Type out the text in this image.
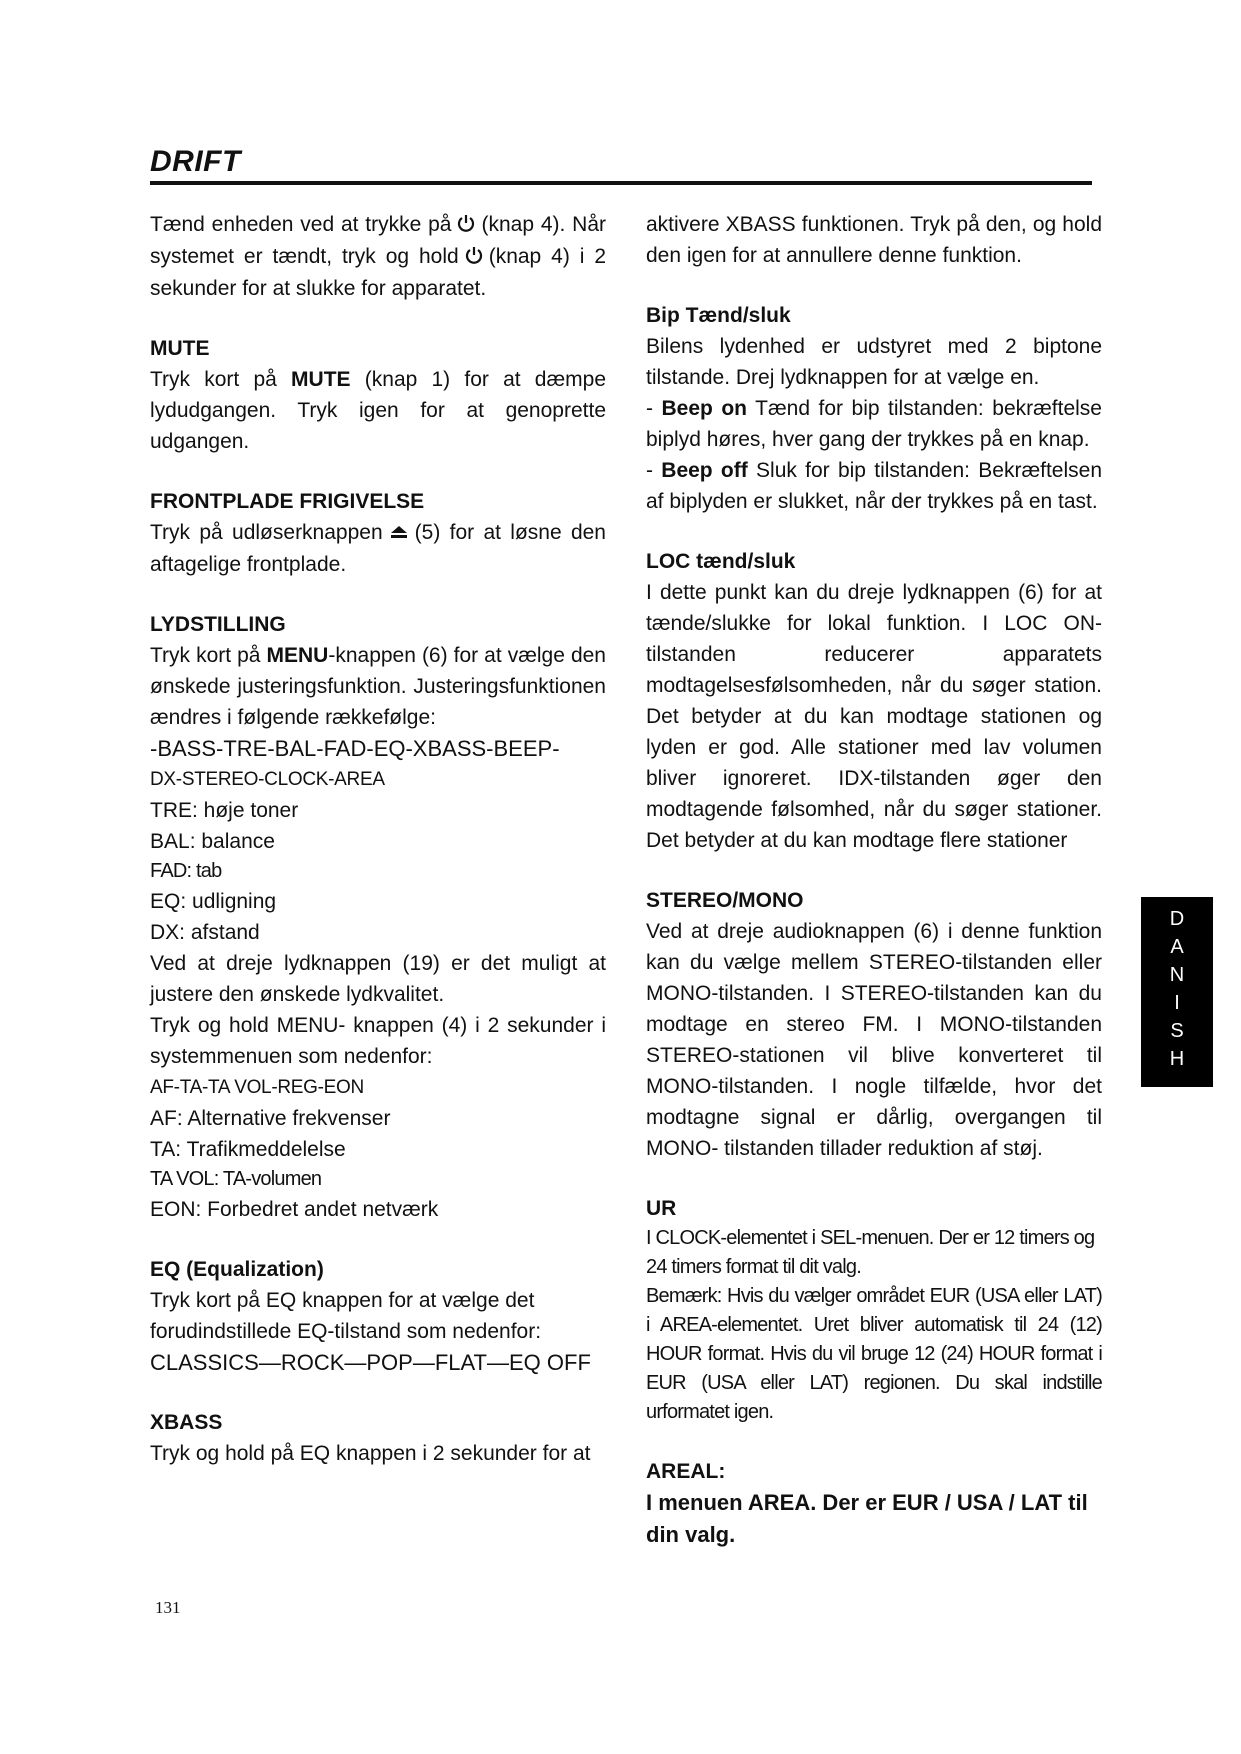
DRIFT

Tænd enheden ved at trykke på (knap 4). Når systemet er tændt, tryk og hold (knap 4) i 2 sekunder for at slukke for apparatet.

MUTE
Tryk kort på MUTE (knap 1) for at dæmpe lydudgangen. Tryk igen for at genoprette udgangen.

FRONTPLADE FRIGIVELSE
Tryk på udløserknappen (5) for at løsne den aftagelige frontplade.

LYDSTILLING
Tryk kort på MENU-knappen (6) for at vælge den ønskede justeringsfunktion. Justeringsfunktionen ændres i følgende rækkefølge:

-BASS-TRE-BAL-FAD-EQ-XBASS-BEEP-
DX-STEREO-CLOCK-AREA
TRE: høje toner
BAL: balance
FAD: tab
EQ: udligning
DX: afstand

Ved at dreje lydknappen (19) er det muligt at justere den ønskede lydkvalitet.

Tryk og hold MENU- knappen (4) i 2 sekunder i systemmenuen som nedenfor:

AF-TA-TA VOL-REG-EON
AF: Alternative frekvenser
TA: Trafikmeddelelse
TA VOL: TA-volumen

EON: Forbedret andet netværk

EQ (Equalization)
Tryk kort på EQ knappen for at vælge det forudindstillede EQ-tilstand som nedenfor:
CLASSICS—ROCK—POP—FLAT—EQ OFF

XBASS
Tryk og hold på EQ knappen i 2 sekunder for at

aktivere XBASS funktionen. Tryk på den, og hold den igen for at annullere denne funktion.

Bip Tænd/sluk
Bilens lydenhed er udstyret med 2 biptone tilstande. Drej lydknappen for at vælge en.
- Beep on Tænd for bip tilstanden: bekræftelse biplyd høres, hver gang der trykkes på en knap.
- Beep off Sluk for bip tilstanden: Bekræftelsen af biplyden er slukket, når der trykkes på en tast.

LOC tænd/sluk
I dette punkt kan du dreje lydknappen (6) for at tænde/slukke for lokal funktion. I LOC ON-tilstanden reducerer apparatets modtagelsesfølsomheden, når du søger station. Det betyder at du kan modtage stationen og lyden er god. Alle stationer med lav volumen bliver ignoreret. IDX-tilstanden øger den modtagende følsomhed, når du søger stationer. Det betyder at du kan modtage flere stationer

STEREO/MONO
Ved at dreje audioknappen (6) i denne funktion kan du vælge mellem STEREO-tilstanden eller MONO-tilstanden. I STEREO-tilstanden kan du modtage en stereo FM. I MONO-tilstanden STEREO-stationen vil blive konverteret til MONO-tilstanden. I nogle tilfælde, hvor det modtagne signal er dårlig, overgangen til MONO- tilstanden tillader reduktion af støj.

UR
I CLOCK-elementet i SEL-menuen. Der er 12 timers og 24 timers format til dit valg.
Bemærk: Hvis du vælger området EUR (USA eller LAT) i AREA-elementet. Uret bliver automatisk til 24 (12) HOUR format. Hvis du vil bruge 12 (24) HOUR format i EUR (USA eller LAT) regionen. Du skal indstille urformatet igen.

AREAL:
I menuen AREA. Der er EUR / USA / LAT til din valg.

D
A
N
I
S
H
131
